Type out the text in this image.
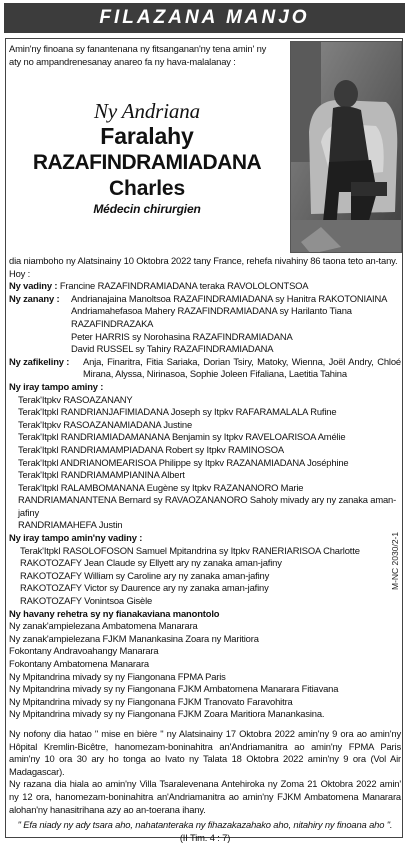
FILAZANA MANJO
Amin'ny finoana sy fanantenana ny fitsanganan'ny tena amin' ny aty no ampandrenesanay anareo fa ny hava-malalanay :
Ny Andriana
Faralahy
RAZAFINDRAMIADANA
Charles
Médecin chirurgien
dia niamboho ny Alatsinainy 10 Oktobra 2022 tany France, rehefa nivahiny 86 taona teto an-tany.
Hoy :
Ny vadiny :
Francine RAZAFINDRAMIADANA teraka RAVOLOLONTSOA
Ny zanany :	Andrianajaina Manoltsoa RAZAFINDRAMIADANA sy Hanitra RAKOTONIAINA
Andriamahefasoa Mahery RAZAFINDRAMIADANA sy Harilanto Tiana RAZAFINDRAZAKA
Peter HARRIS sy Norohasina RAZAFINDRAMIADANA
David RUSSEL sy Tahiry RAZAFINDRAMIADANA
Ny zafikeliny :	Anja, Finaritra, Fitia Sariaka, Dorian Tsiry, Matoky, Wienna, Joël Andry, Chloé Mirana, Alyssa, Nirinasoa, Sophie Joleen Fifaliana, Laetitia Tahina
Ny iray tampo aminy :
Terak'Itpkv RASOAZANANY
Terak'Itpkl RANDRIANJAFIMIADANA Joseph sy Itpkv RAFARAMALALA Rufine
Terak'Itpkv RASOAZANAMIADANA Justine
Terak'Itpkl RANDRIAMIADAMANANA Benjamin sy Itpkv RAVELOARISOA Amélie
Terak'Itpkl RANDRIAMAMPIADANA Robert sy Itpkv RAMINOSOA
Terak'Itpkl ANDRIANOMEARISOA Philippe sy Itpkv RAZANAMIADANA Joséphine
Terak'Itpkl RANDRIAMAMPIANINA Albert
Terak'Itpkl RALAMBOMANANA Eugène sy Itpkv RAZANANORO Marie
RANDRIAMANANTENA Bernard sy RAVAOZANANORO Saholy mivady ary ny zanaka aman-jafiny
RANDRIAMAHEFA Justin
Ny iray tampo amin'ny vadiny :
Terak'Itpkl RASOLOFOSON Samuel Mpitandrina sy Itpkv RANERIARISOA Charlotte
RAKOTOZAFY Jean Claude sy Ellyett ary ny zanaka aman-jafiny
RAKOTOZAFY William sy Caroline ary ny zanaka aman-jafiny
RAKOTOZAFY Victor sy Daurence ary ny zanaka aman-jafiny
RAKOTOZAFY Vonintsoa Gisèle
Ny havany rehetra sy ny fianakaviana manontolo
Ny zanak'ampielezana Ambatomena Manarara
Ny zanak'ampielezana FJKM Manankasina Zoara ny Maritiora
Fokontany Andravoahangy Manarara
Fokontany Ambatomena Manarara
Ny Mpitandrina mivady sy ny Fiangonana FPMA Paris
Ny Mpitandrina mivady sy ny Fiangonana FJKM Ambatomena Manarara Fitiavana
Ny Mpitandrina mivady sy ny Fiangonana FJKM Tranovato Faravohitra
Ny Mpitandrina mivady sy ny Fiangonana FJKM Zoara Maritiora Manankasina.
Ny nofony dia hatao " mise en bière " ny Alatsinainy 17 Oktobra 2022 amin'ny 9 ora ao amin'ny Hôpital Kremlin-Bicêtre, hanomezam-boninahitra an'Andriamanitra ao amin'ny FPMA Paris amin'ny 10 ora 30 ary ho tonga ao Ivato ny Talata 18 Oktobra 2022 amin'ny 9 ora (Vol Air Madagascar).
Ny razana dia hiala ao amin'ny Villa Tsaralevenana Antehiroka ny Zoma 21 Oktobra 2022 amin' ny 12 ora, hanomezam-boninahitra an'Andriamanitra ao amin'ny FJKM Ambatomena Manarara alohan'ny hanasitrihana azy ao an-toerana ihany.
" Efa niady ny ady tsara aho, nahatanteraka ny fihazakazahako aho, nitahiry ny finoana aho ".
(II Tim. 4 : 7)
M-NC 2030/2-1
